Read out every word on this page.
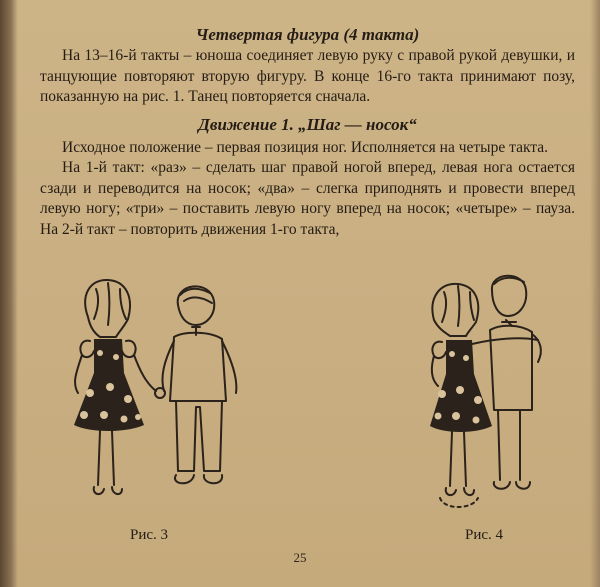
Четвертая фигура (4 такта)

На 13–16-й такты – юноша соединяет левую руку с правой рукой девушки, и танцующие повторяют вторую фигуру. В конце 16-го такта принимают позу, показанную на рис. 1. Танец повторяется сначала.

Движение 1. „Шаг — носок“

Исходное положение – первая позиция ног. Исполняется на четыре такта.

На 1-й такт: «раз» – сделать шаг правой ногой вперед, левая нога остается сзади и переводится на носок; «два» – слегка приподнять и провести вперед левую ногу; «три» – поставить левую ногу вперед на носок; «четыре» – пауза. На 2-й такт – повторить движения 1-го такта,

Рис. 3	Рис. 4
25
